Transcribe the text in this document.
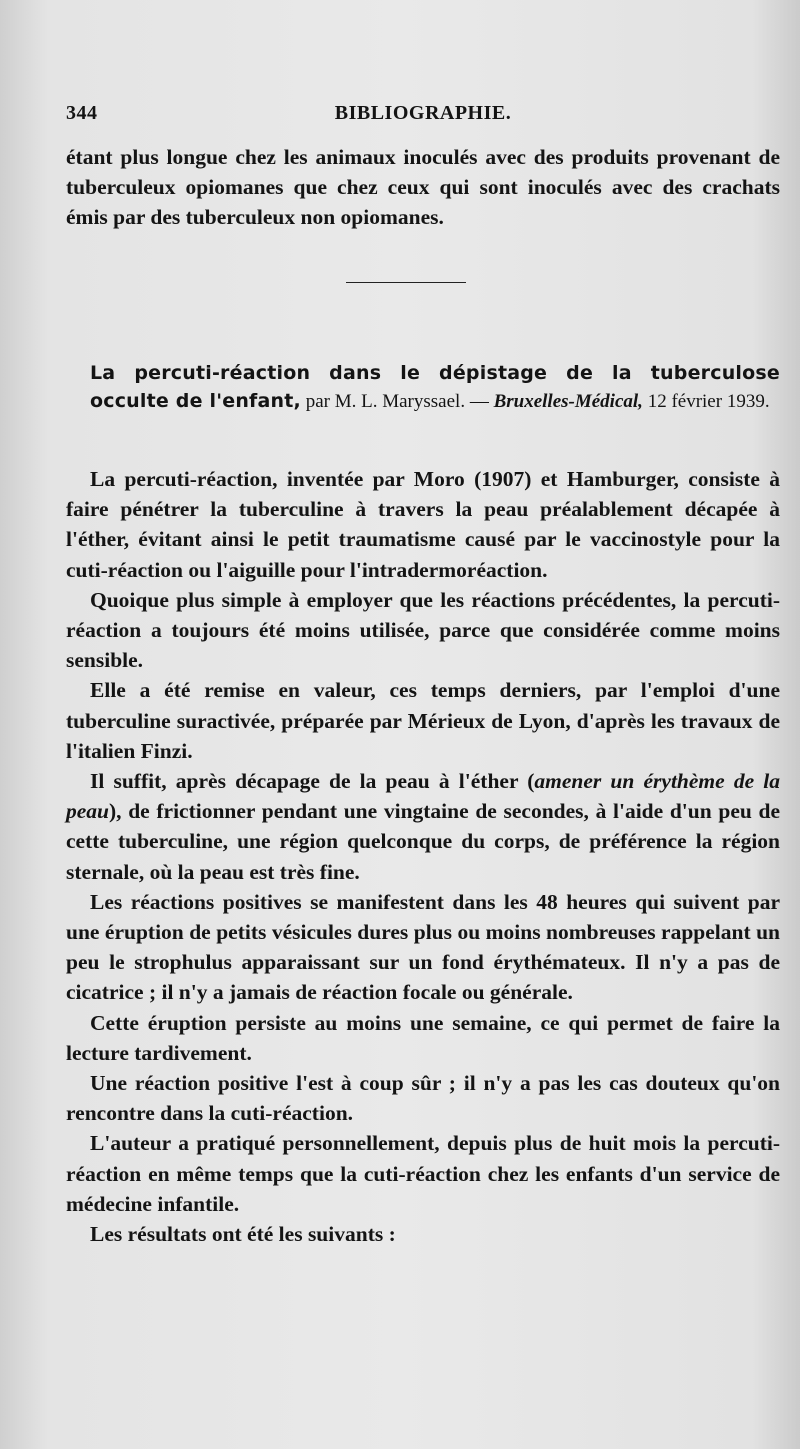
344	BIBLIOGRAPHIE.

étant plus longue chez les animaux inoculés avec des produits provenant de tuberculeux opiomanes que chez ceux qui sont inoculés avec des crachats émis par des tuberculeux non opiomanes.

La percuti-réaction dans le dépistage de la tuberculose occulte de l'enfant, par M. L. Maryssael. — Bruxelles-Médical, 12 février 1939.

La percuti-réaction, inventée par Moro (1907) et Hamburger, consiste à faire pénétrer la tuberculine à travers la peau préalablement décapée à l'éther, évitant ainsi le petit traumatisme causé par le vaccinostyle pour la cuti-réaction ou l'aiguille pour l'intradermoréaction.

Quoique plus simple à employer que les réactions précédentes, la percuti-réaction a toujours été moins utilisée, parce que considérée comme moins sensible.

Elle a été remise en valeur, ces temps derniers, par l'emploi d'une tuberculine suractivée, préparée par Mérieux de Lyon, d'après les travaux de l'italien Finzi.

Il suffit, après décapage de la peau à l'éther (amener un érythème de la peau), de frictionner pendant une vingtaine de secondes, à l'aide d'un peu de cette tuberculine, une région quelconque du corps, de préférence la région sternale, où la peau est très fine.

Les réactions positives se manifestent dans les 48 heures qui suivent par une éruption de petits vésicules dures plus ou moins nombreuses rappelant un peu le strophulus apparaissant sur un fond érythémateux. Il n'y a pas de cicatrice ; il n'y a jamais de réaction focale ou générale.

Cette éruption persiste au moins une semaine, ce qui permet de faire la lecture tardivement.

Une réaction positive l'est à coup sûr ; il n'y a pas les cas douteux qu'on rencontre dans la cuti-réaction.

L'auteur a pratiqué personnellement, depuis plus de huit mois la percuti-réaction en même temps que la cuti-réaction chez les enfants d'un service de médecine infantile.

Les résultats ont été les suivants :
